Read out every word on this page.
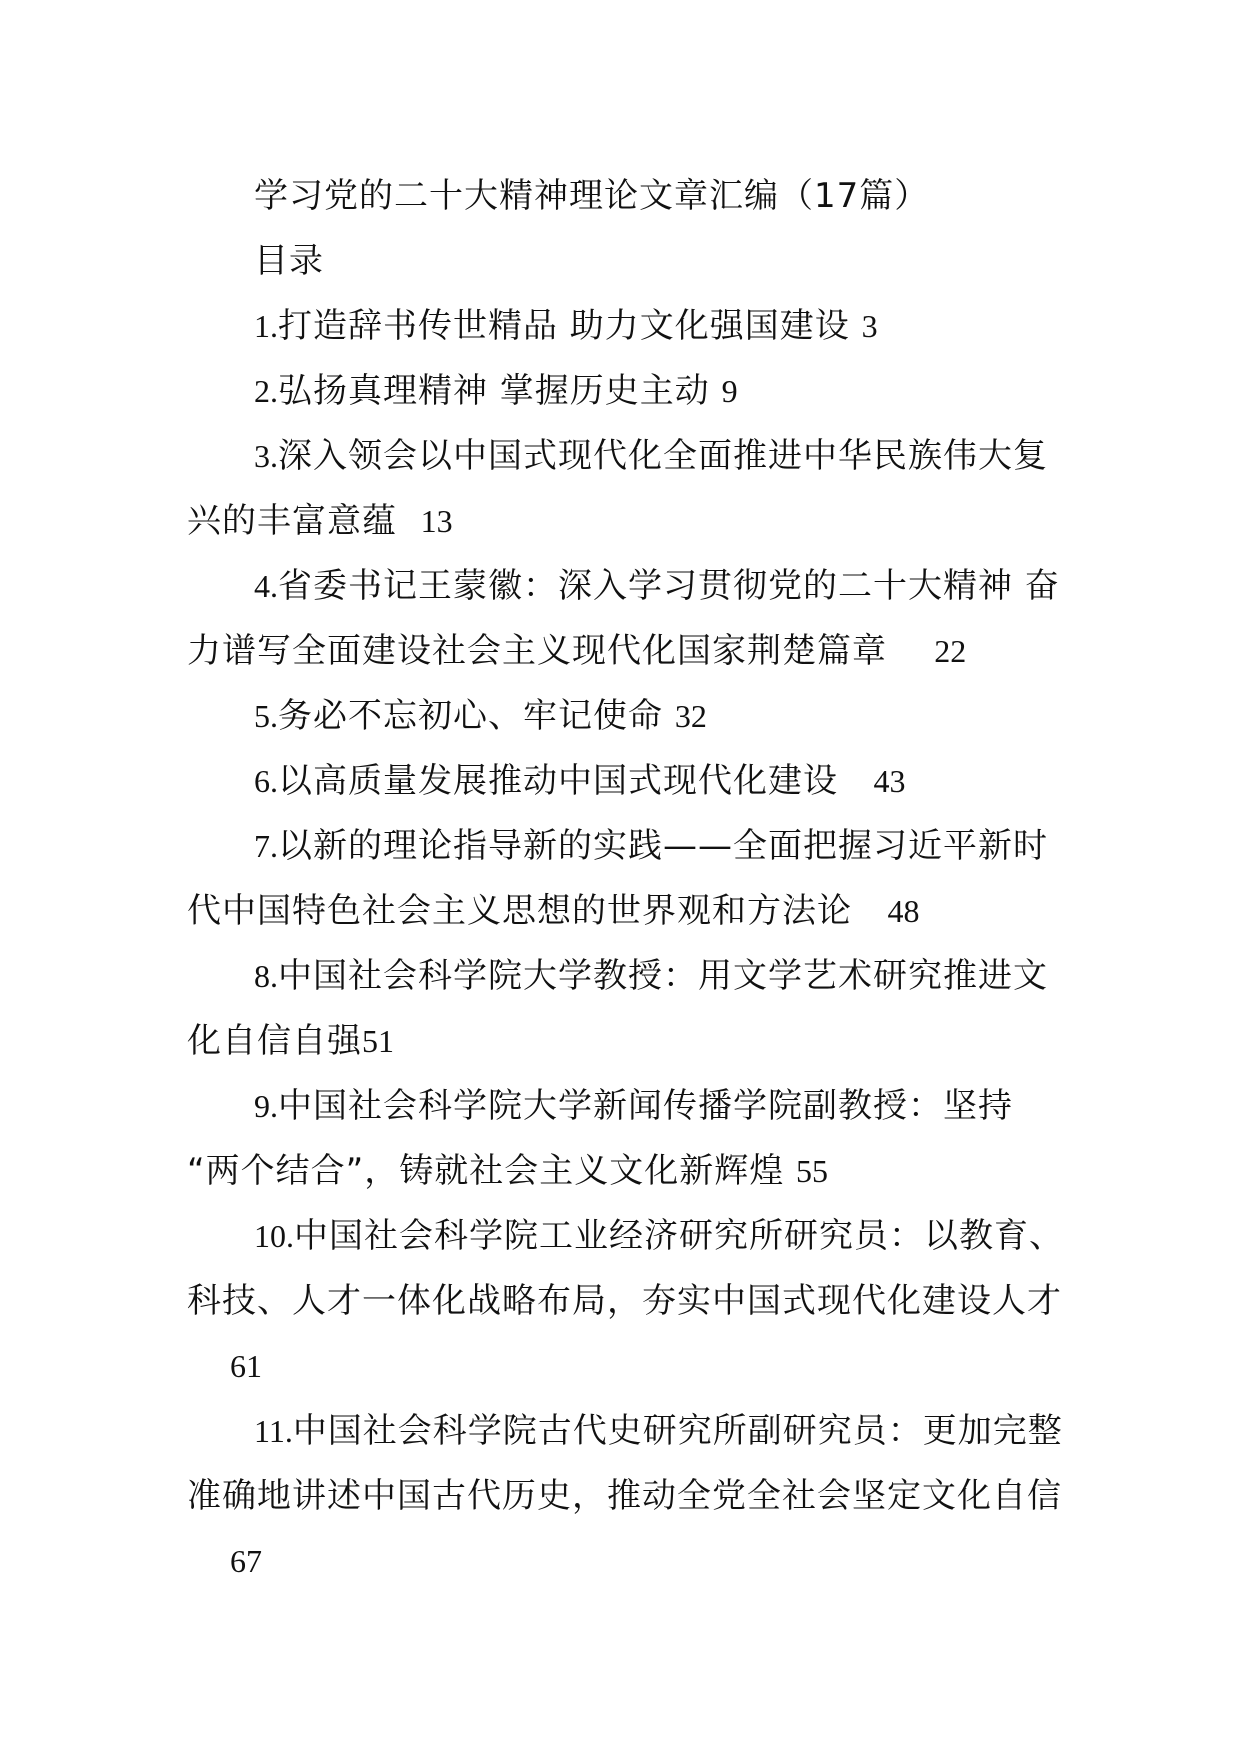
学习党的二十大精神理论文章汇编（17篇）

目录

1.打造辞书传世精品 助力文化强国建设 3

2.弘扬真理精神 掌握历史主动 9

3.深入领会以中国式现代化全面推进中华民族伟大复

兴的丰富意蕴 13

4.省委书记王蒙徽：深入学习贯彻党的二十大精神 奋

力谱写全面建设社会主义现代化国家荆楚篇章 22

5.务必不忘初心、牢记使命 32

6.以高质量发展推动中国式现代化建设 43

7.以新的理论指导新的实践——全面把握习近平新时

代中国特色社会主义思想的世界观和方法论 48

8.中国社会科学院大学教授：用文学艺术研究推进文

化自信自强51

9.中国社会科学院大学新闻传播学院副教授：坚持

“两个结合”，铸就社会主义文化新辉煌 55

10.中国社会科学院工业经济研究所研究员：以教育、

科技、人才一体化战略布局，夯实中国式现代化建设人才

61

11.中国社会科学院古代史研究所副研究员：更加完整

准确地讲述中国古代历史，推动全党全社会坚定文化自信

67
